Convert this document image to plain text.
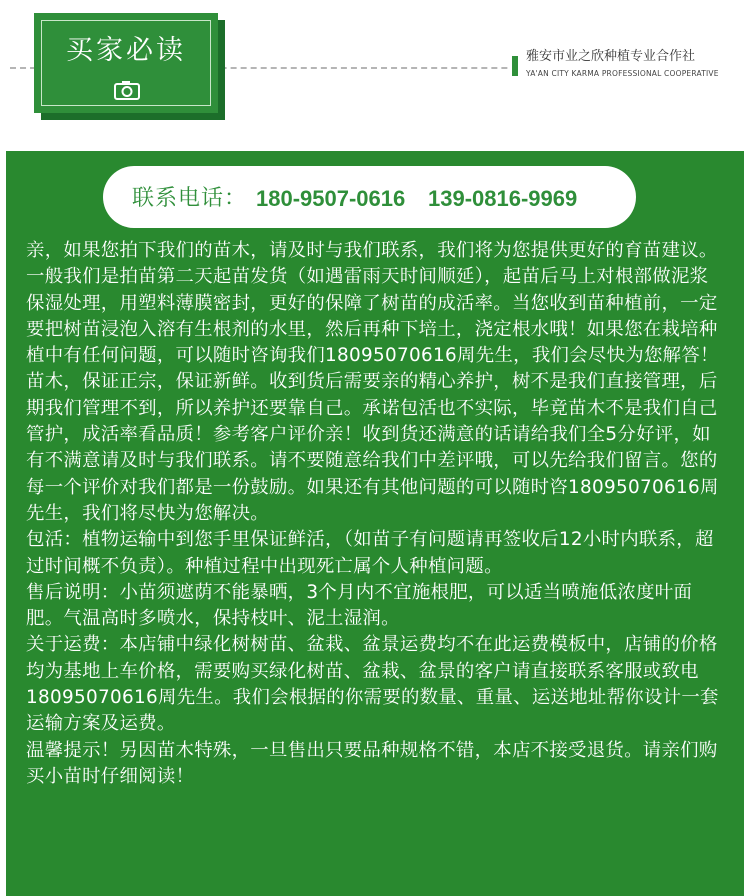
买家必读	雅安市业之欣种植专业合作社
YA'AN CITY KARMA PROFESSIONAL COOPERATIVE
联系电话： 180-9507-0616 139-0816-9969

亲，如果您拍下我们的苗木，请及时与我们联系，我们将为您提供更好的育苗建议。一般我们是拍苗第二天起苗发货（如遇雷雨天时间顺延），起苗后马上对根部做泥浆保湿处理，用塑料薄膜密封，更好的保障了树苗的成活率。当您收到苗种植前，一定要把树苗浸泡入溶有生根剂的水里，然后再种下培土，浇定根水哦！如果您在栽培种植中有任何问题，可以随时咨询我们18095070616周先生，我们会尽快为您解答！

苗木，保证正宗，保证新鲜。收到货后需要亲的精心养护，树不是我们直接管理，后期我们管理不到，所以养护还要靠自己。承诺包活也不实际，毕竟苗木不是我们自己管护，成活率看品质！参考客户评价亲！收到货还满意的话请给我们全5分好评，如有不满意请及时与我们联系。请不要随意给我们中差评哦，可以先给我们留言。您的每一个评价对我们都是一份鼓励。如果还有其他问题的可以随时咨18095070616周先生，我们将尽快为您解决。

包活：植物运输中到您手里保证鲜活，（如苗子有问题请再签收后12小时内联系，超过时间概不负责）。种植过程中出现死亡属个人种植问题。

售后说明：小苗须遮荫不能暴晒，3个月内不宜施根肥，可以适当喷施低浓度叶面肥。气温高时多喷水，保持枝叶、泥土湿润。

关于运费：本店铺中绿化树树苗、盆栽、盆景运费均不在此运费模板中，店铺的价格均为基地上车价格，需要购买绿化树苗、盆栽、盆景的客户请直接联系客服或致电18095070616周先生。我们会根据的你需要的数量、重量、运送地址帮你设计一套运输方案及运费。

温馨提示！另因苗木特殊，一旦售出只要品种规格不错，本店不接受退货。请亲们购买小苗时仔细阅读！
